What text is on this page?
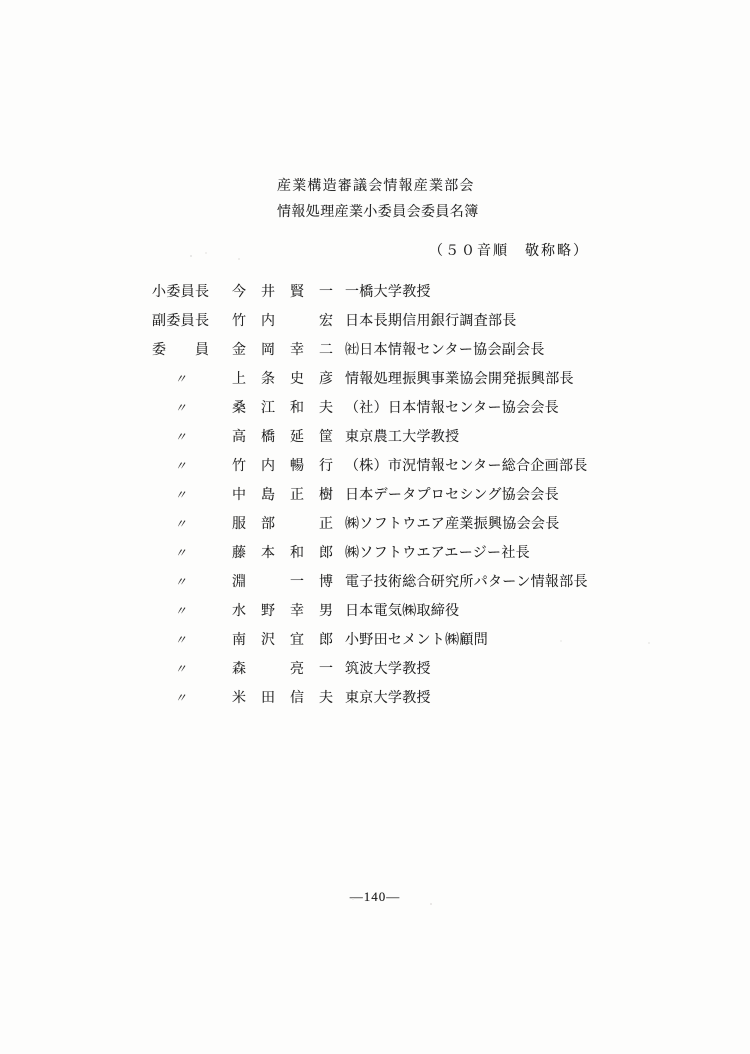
産業構造審議会情報産業部会
情報処理産業小委員会委員名簿
（５０音順　敬称略）
小委員長 今	井	賢	一 一橋大学教授
副委員長 竹	内	宏 日本長期信用銀行調査部長
委 員 金	岡	幸	二 ㈳日本情報センター協会副会長
〃	上	条	史	彦 情報処理振興事業協会開発振興部長
〃	桑	江	和	夫 （社）日本情報センター協会会長
〃	高	橋	延	筐 東京農工大学教授
〃	竹	内	暢	行 （株）市況情報センター総合企画部長
〃	中	島	正	樹 日本データプロセシング協会会長
〃	服	部	正 ㈱ソフトウエア産業振興協会会長
〃	藤	本	和	郎 ㈱ソフトウエアエージー社長
〃	淵	一	博 電子技術総合研究所パターン情報部長
〃	水	野	幸	男 日本電気㈱取締役
〃	南	沢	宜	郎 小野田セメント㈱顧問
〃	森	亮	一 筑波大学教授
〃	米	田	信	夫 東京大学教授
—140—
